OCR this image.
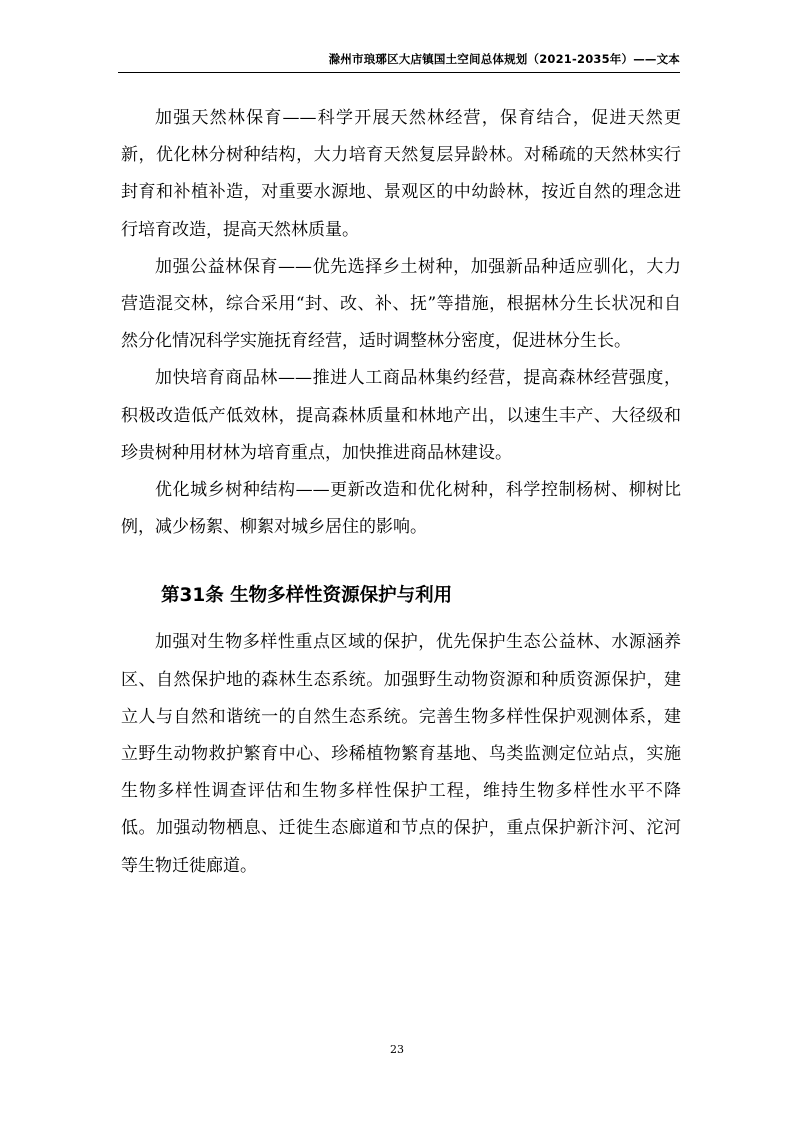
滁州市琅琊区大店镇国土空间总体规划（2021-2035年）——文本

加强天然林保育——科学开展天然林经营，保育结合，促进天然更新，优化林分树种结构，大力培育天然复层异龄林。对稀疏的天然林实行封育和补植补造，对重要水源地、景观区的中幼龄林，按近自然的理念进行培育改造，提高天然林质量。

加强公益林保育——优先选择乡土树种，加强新品种适应驯化，大力营造混交林，综合采用“封、改、补、抚”等措施，根据林分生长状况和自然分化情况科学实施抚育经营，适时调整林分密度，促进林分生长。

加快培育商品林——推进人工商品林集约经营，提高森林经营强度，积极改造低产低效林，提高森林质量和林地产出，以速生丰产、大径级和珍贵树种用材林为培育重点，加快推进商品林建设。

优化城乡树种结构——更新改造和优化树种，科学控制杨树、柳树比例，减少杨絮、柳絮对城乡居住的影响。

第31条 生物多样性资源保护与利用

加强对生物多样性重点区域的保护，优先保护生态公益林、水源涵养区、自然保护地的森林生态系统。加强野生动物资源和种质资源保护，建立人与自然和谐统一的自然生态系统。完善生物多样性保护观测体系，建立野生动物救护繁育中心、珍稀植物繁育基地、鸟类监测定位站点，实施生物多样性调查评估和生物多样性保护工程，维持生物多样性水平不降低。加强动物栖息、迁徙生态廊道和节点的保护，重点保护新汴河、沱河等生物迁徙廊道。

23
